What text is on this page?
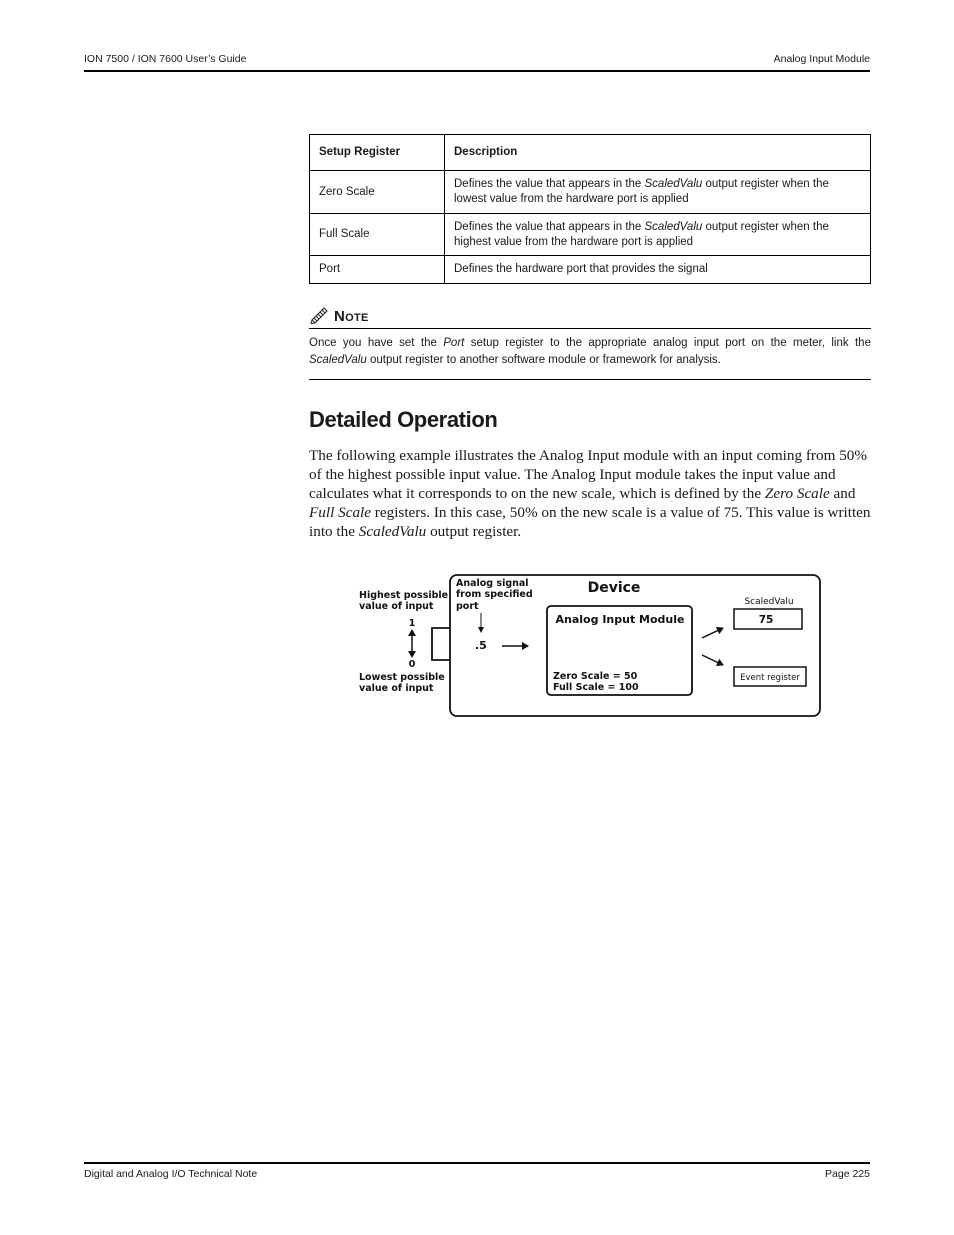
ION 7500 / ION 7600 User’s Guide	Analog Input Module
Setup Register	Description
Zero Scale	Defines the value that appears in the ScaledValu output register when the lowest value from the hardware port is applied
Full Scale	Defines the value that appears in the ScaledValu output register when the highest value from the hardware port is applied
Port	Defines the hardware port that provides the signal
NOTE
Once you have set the Port setup register to the appropriate analog input port on the meter, link the ScaledValu output register to another software module or framework for analysis.
Detailed Operation
The following example illustrates the Analog Input module with an input coming from 50% of the highest possible input value. The Analog Input module takes the input value and calculates what it corresponds to on the new scale, which is defined by the Zero Scale and Full Scale registers. In this case, 50% on the new scale is a value of 75. This value is written into the ScaledValu output register.
Device
Highest possible
value of input
1
0
Lowest possible
value of input
Analog signal
from specified
port
.5
Analog Input Module
Zero Scale = 50
Full Scale = 100
ScaledValu
75
Event register
Digital and Analog I/O Technical Note	Page 225
